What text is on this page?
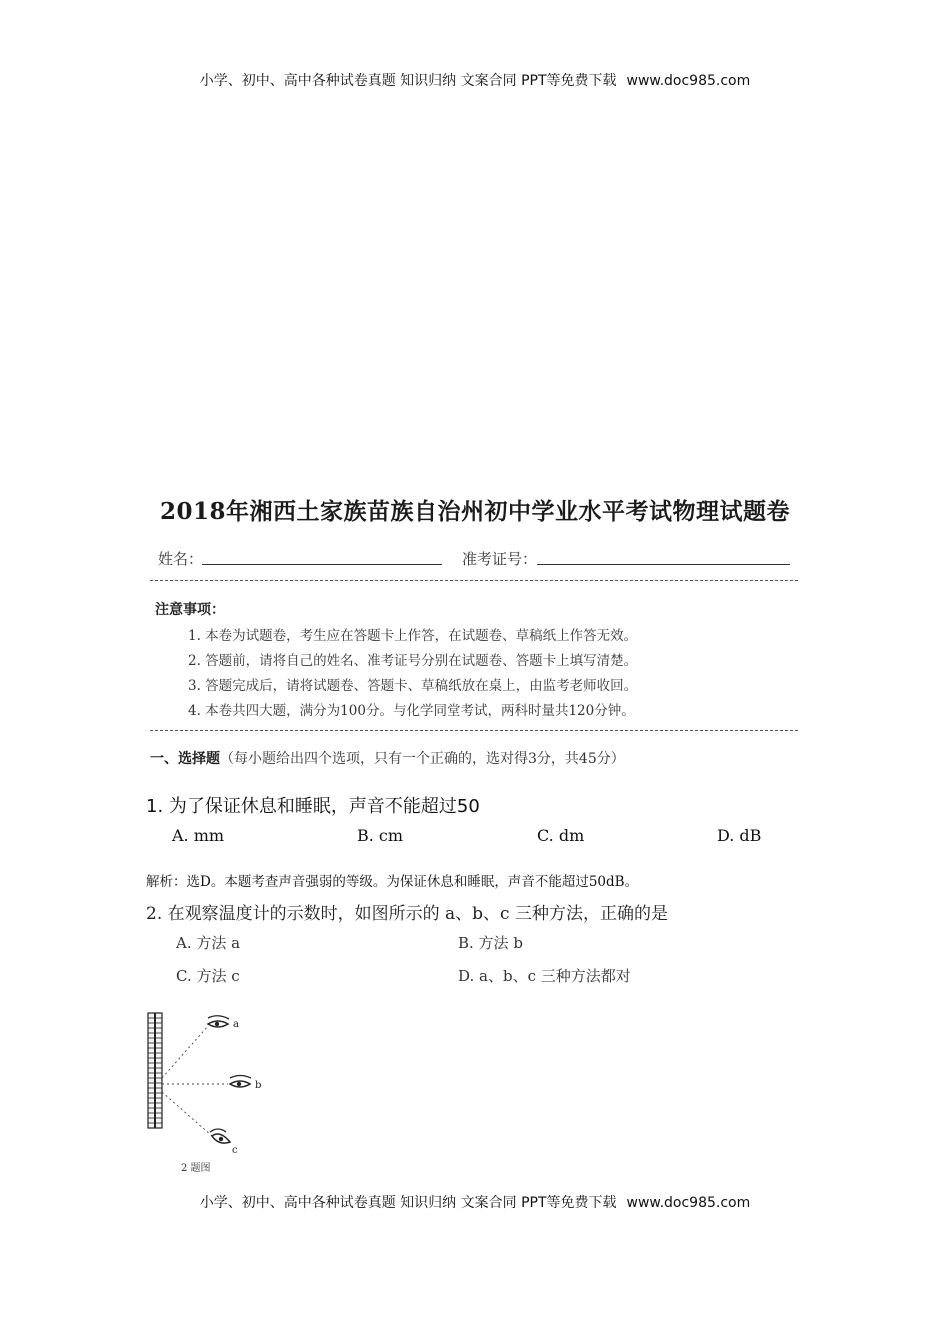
小学、初中、高中各种试卷真题 知识归纳 文案合同 PPT等免费下载 www.doc985.com
2018年湘西土家族苗族自治州初中学业水平考试物理试题卷
姓名：	准考证号：
注意事项：
1. 本卷为试题卷，考生应在答题卡上作答，在试题卷、草稿纸上作答无效。
2. 答题前，请将自己的姓名、准考证号分别在试题卷、答题卡上填写清楚。
3. 答题完成后，请将试题卷、答题卡、草稿纸放在桌上，由监考老师收回。
4. 本卷共四大题，满分为100分。与化学同堂考试，两科时量共120分钟。
一、选择题（每小题给出四个选项，只有一个正确的，选对得3分，共45分）
1. 为了保证休息和睡眠，声音不能超过50
A. mm	B. cm	C. dm	D. dB
解析：选D。本题考查声音强弱的等级。为保证休息和睡眠，声音不能超过50dB。
2. 在观察温度计的示数时，如图所示的 a、b、c 三种方法，正确的是
A. 方法 a	B. 方法 b
C. 方法 c	D. a、b、c 三种方法都对
a
b
c
2 题图
小学、初中、高中各种试卷真题 知识归纳 文案合同 PPT等免费下载 www.doc985.com
